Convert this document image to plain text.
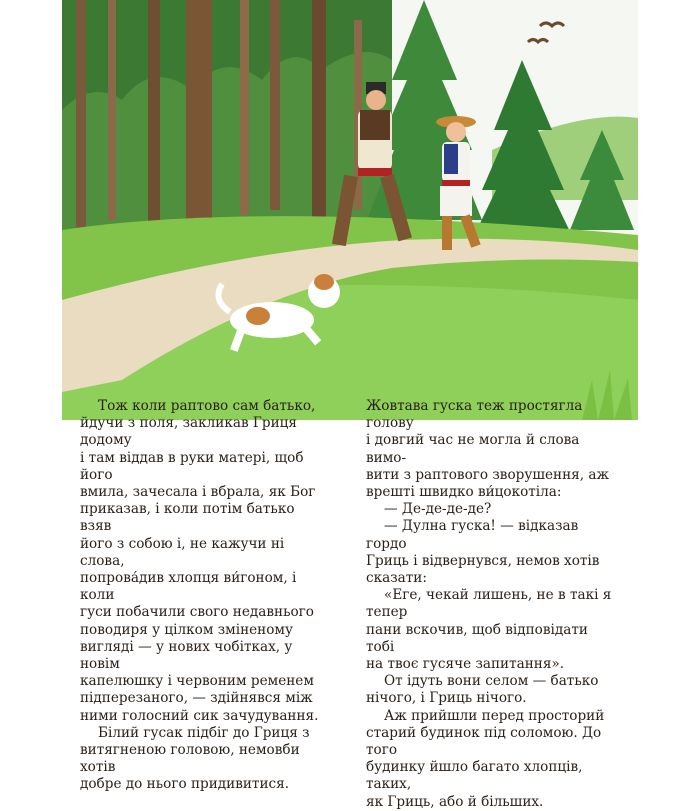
Тож коли раптово сам батько,

йдучи з поля, закликав Гриця додому

і там віддав в руки матері, щоб його

вмила, зачесала і вбрала, як Бог

приказав, і коли потім батько взяв

його з собою і, не кажучи ні слова,

попрова́див хлопця ви́гоном, і коли

гуси побачили свого недавнього

поводиря у цілком зміненому

вигляді — у нових чобітках, у новім

капелюшку і червоним ременем

підперезаного, — здійнявся між

ними голосний сик зачудування.

Білий гусак підбіг до Гриця з

витягненою головою, немовби хотів

добре до нього придивитися.

Жовтава гуска теж простягла голову

і довгий час не могла й слова вимо-

вити з раптового зворушення, аж

врешті швидко ви́цокотіла:

— Де-де-де-де?

— Дулна гуска! — відказав гордо

Гриць і відвернувся, немов хотів

сказати:

«Еге, чекай лишень, не в такі я тепер

пани вскочив, щоб відповідати тобі

на твоє гусяче запитання».

От ідуть вони селом — батько

нічого, і Гриць нічого.

Аж прийшли перед просторий

старий будинок під соломою. До того

будинку йшло багато хлопців, таких,

як Гриць, або й більших.
